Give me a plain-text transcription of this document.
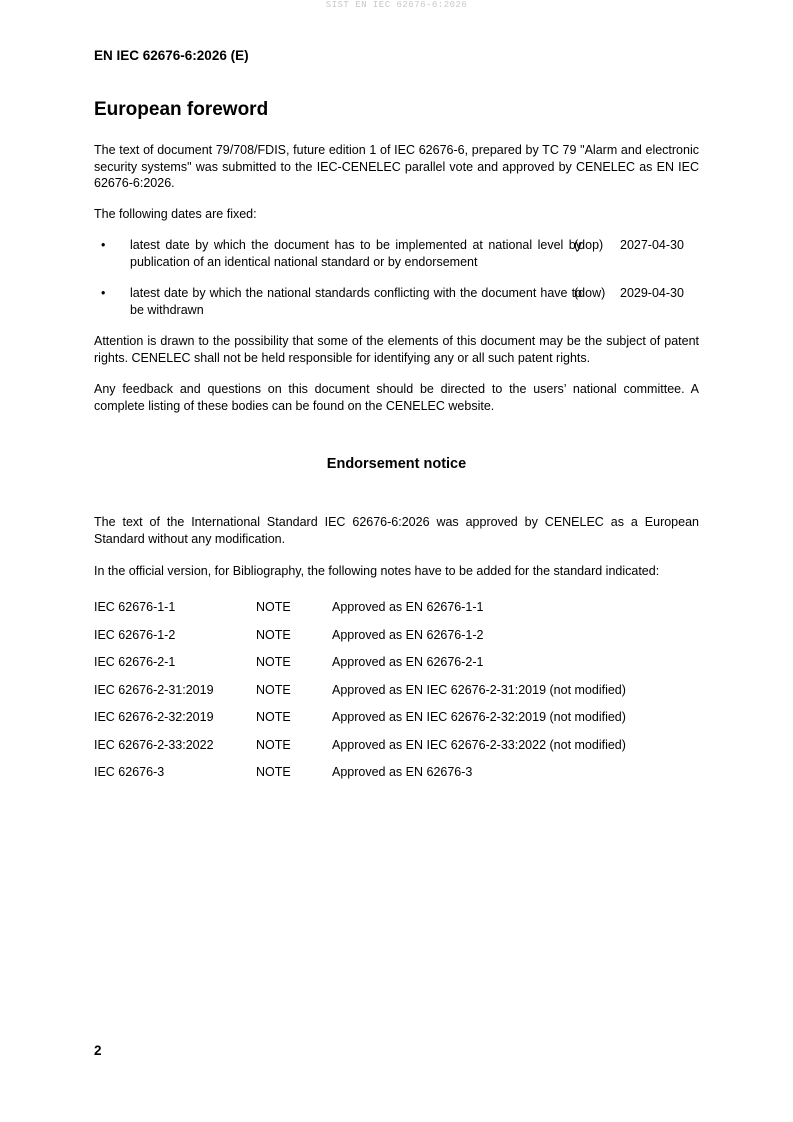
SIST EN IEC 62676-6:2026
EN IEC 62676-6:2026 (E)
European foreword
The text of document 79/708/FDIS, future edition 1 of IEC 62676-6, prepared by TC 79 "Alarm and electronic security systems" was submitted to the IEC-CENELEC parallel vote and approved by CENELEC as EN IEC 62676-6:2026.
The following dates are fixed:
• latest date by which the document has to be implemented at national level by publication of an identical national standard or by endorsement
(dop) 2027-04-30
• latest date by which the national standards conflicting with the document have to be withdrawn
(dow) 2029-04-30
Attention is drawn to the possibility that some of the elements of this document may be the subject of patent rights. CENELEC shall not be held responsible for identifying any or all such patent rights.
Any feedback and questions on this document should be directed to the users’ national committee. A complete listing of these bodies can be found on the CENELEC website.
Endorsement notice
The text of the International Standard IEC 62676-6:2026 was approved by CENELEC as a European Standard without any modification.
In the official version, for Bibliography, the following notes have to be added for the standard indicated:
IEC 62676-1-1	NOTE	Approved as EN 62676-1-1
IEC 62676-1-2	NOTE	Approved as EN 62676-1-2
IEC 62676-2-1	NOTE	Approved as EN 62676-2-1
IEC 62676-2-31:2019	NOTE	Approved as EN IEC 62676-2-31:2019 (not modified)
IEC 62676-2-32:2019	NOTE	Approved as EN IEC 62676-2-32:2019 (not modified)
IEC 62676-2-33:2022	NOTE	Approved as EN IEC 62676-2-33:2022 (not modified)
IEC 62676-3	NOTE	Approved as EN 62676-3
2
